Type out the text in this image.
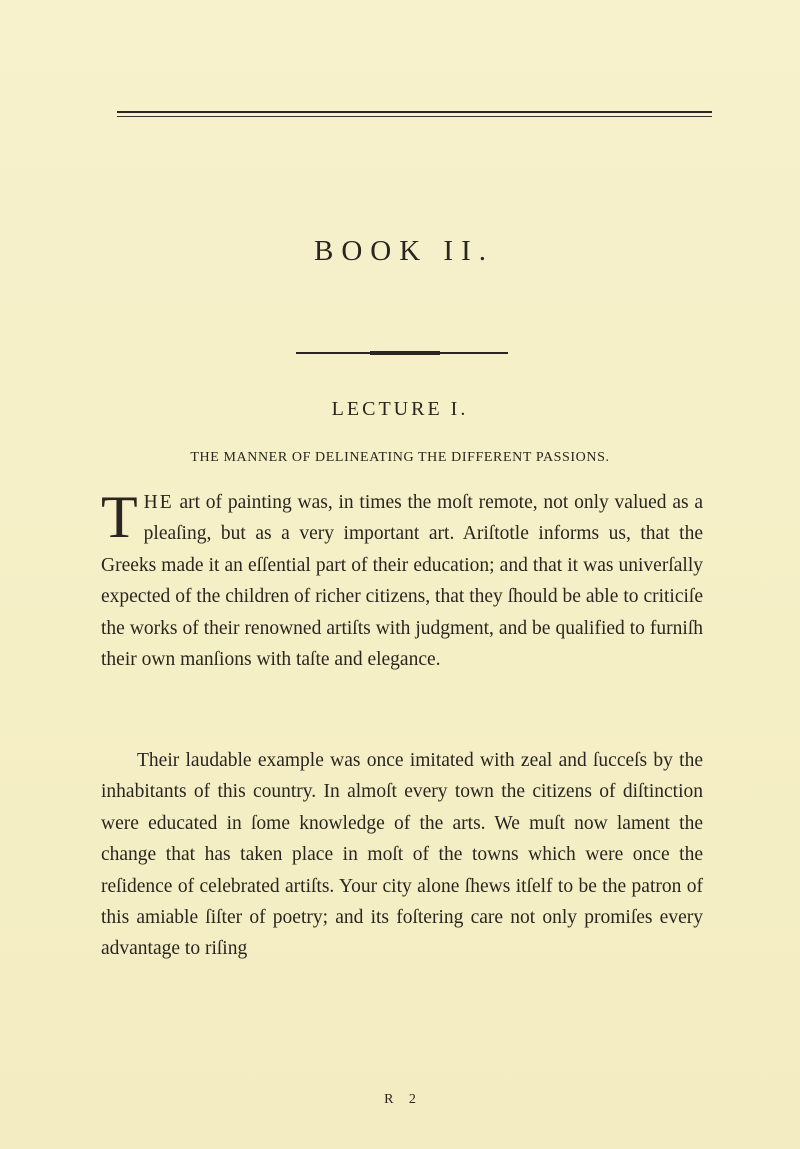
BOOK II.
LECTURE I.
THE MANNER OF DELINEATING THE DIFFERENT PASSIONS.
THE art of painting was, in times the moſt remote, not only valued as a pleaſing, but as a very important art. Ariſtotle informs us, that the Greeks made it an eſſential part of their education; and that it was univerſally expected of the children of richer citizens, that they ſhould be able to criticiſe the works of their renowned artiſts with judgment, and be qualified to furniſh their own manſions with taſte and elegance.
Their laudable example was once imitated with zeal and ſucceſs by the inhabitants of this country. In almoſt every town the citizens of diſtinction were educated in ſome knowledge of the arts. We muſt now lament the change that has taken place in moſt of the towns which were once the reſidence of celebrated artiſts. Your city alone ſhews itſelf to be the patron of this amiable ſiſter of poetry; and its foſtering care not only promiſes every advantage to riſing
R 2
